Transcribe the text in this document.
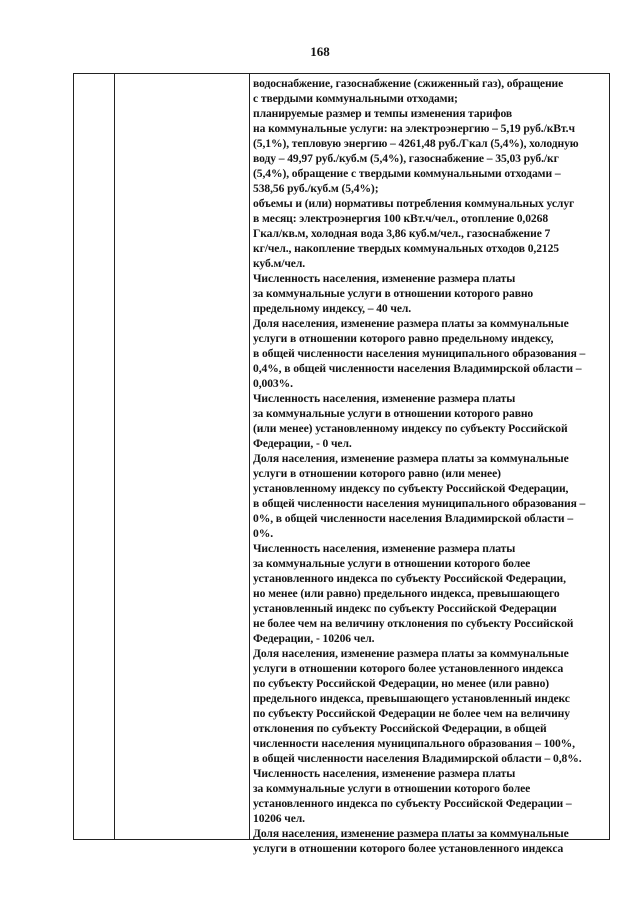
168
водоснабжение, газоснабжение (сжиженный газ), обращение
с твердыми коммунальными отходами;
планируемые размер и темпы изменения тарифов
на коммунальные услуги: на электроэнергию – 5,19 руб./кВт.ч
(5,1%), тепловую энергию – 4261,48 руб./Гкал (5,4%), холодную
воду – 49,97 руб./куб.м (5,4%), газоснабжение – 35,03 руб./кг
(5,4%), обращение с твердыми коммунальными отходами –
538,56 руб./куб.м (5,4%);
объемы и (или) нормативы потребления коммунальных услуг
в месяц: электроэнергия 100 кВт.ч/чел., отопление 0,0268
Гкал/кв.м, холодная вода 3,86 куб.м/чел., газоснабжение 7
кг/чел., накопление твердых коммунальных отходов 0,2125
куб.м/чел.
Численность населения, изменение размера платы
за коммунальные услуги в отношении которого равно
предельному индексу, – 40 чел.
Доля населения, изменение размера платы за коммунальные
услуги в отношении которого равно предельному индексу,
в общей численности населения муниципального образования –
0,4%, в общей численности населения Владимирской области –
0,003%.
Численность населения, изменение размера платы
за коммунальные услуги в отношении которого равно
(или менее) установленному индексу по субъекту Российской
Федерации, - 0 чел.
Доля населения, изменение размера платы за коммунальные
услуги в отношении которого равно (или менее)
установленному индексу по субъекту Российской Федерации,
в общей численности населения муниципального образования –
0%, в общей численности населения Владимирской области –
0%.
Численность населения, изменение размера платы
за коммунальные услуги в отношении которого более
установленного индекса по субъекту Российской Федерации,
но менее (или равно) предельного индекса, превышающего
установленный индекс по субъекту Российской Федерации
не более чем на величину отклонения по субъекту Российской
Федерации, - 10206 чел.
Доля населения, изменение размера платы за коммунальные
услуги в отношении которого более установленного индекса
по субъекту Российской Федерации, но менее (или равно)
предельного индекса, превышающего установленный индекс
по субъекту Российской Федерации не более чем на величину
отклонения по субъекту Российской Федерации, в общей
численности населения муниципального образования – 100%,
в общей численности населения Владимирской области – 0,8%.
Численность населения, изменение размера платы
за коммунальные услуги в отношении которого более
установленного индекса по субъекту Российской Федерации –
10206 чел.
Доля населения, изменение размера платы за коммунальные
услуги в отношении которого более установленного индекса
